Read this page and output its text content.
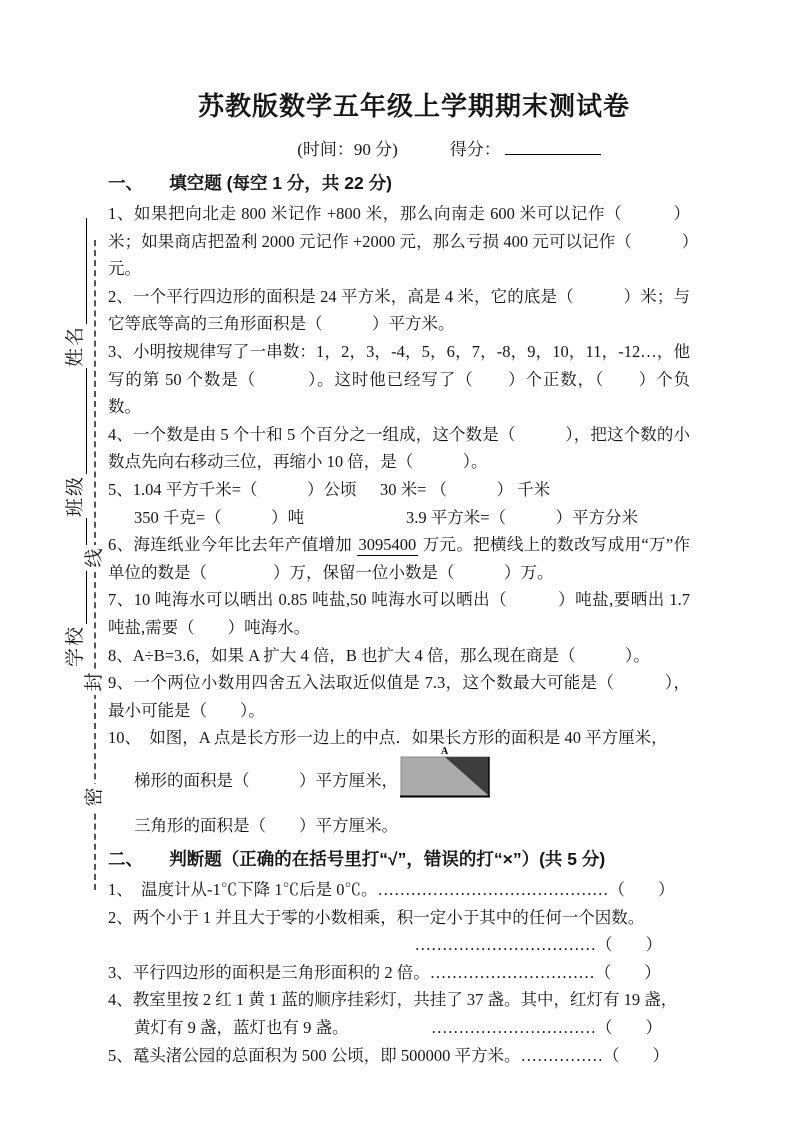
学校
班级
姓名
线
封
密
苏教版数学五年级上学期期末测试卷
(时间：90 分)	得分：
一、　　填空题 (每空 1 分，共 22 分)

1、如果把向北走 800 米记作 +800 米，那么向南走 600 米可以记作（　　　）米；如果商店把盈利 2000 元记作 +2000 元，那么亏损 400 元可以记作（　　　）元。

2、一个平行四边形的面积是 24 平方米，高是 4 米，它的底是（　　　）米；与它等底等高的三角形面积是（　　　）平方米。

3、小明按规律写了一串数：1，2，3，-4，5，6，7，-8，9，10，11，-12…，他写的第 50 个数是（　　　）。这时他已经写了（　　）个正数，（　　）个负数。

4、一个数是由 5 个十和 5 个百分之一组成，这个数是（　　　），把这个数的小数点先向右移动三位，再缩小 10 倍，是（　　　）。

5、1.04 平方千米=（　　　）公顷	30 米= （　　　） 千米
350 千克=（　　　）吨	3.9 平方米=（　　　）平方分米

6、海连纸业今年比去年产值增加 3095400 万元。把横线上的数改写成用“万”作单位的数是（　　　　）万，保留一位小数是（　　　）万。

7、10 吨海水可以晒出 0.85 吨盐,50 吨海水可以晒出（　　　）吨盐,要晒出 1.7 吨盐,需要（　　）吨海水。

8、A÷B=3.6，如果 A 扩大 4 倍，B 也扩大 4 倍，那么现在商是（　　　）。

9、一个两位小数用四舍五入法取近似值是 7.3，这个数最大可能是（　　　），最小可能是（　　）。

10、　如图，A 点是长方形一边上的中点．如果长方形的面积是 40 平方厘米，

梯形的面积是（　　　）平方厘米，

三角形的面积是（　　）平方厘米。

A
二、　　判断题（正确的在括号里打“√”，错误的打“×”）(共 5 分)

1、　温度计从-1℃下降 1℃后是 0℃。……………………………………（　　）

2、两个小于 1 并且大于零的小数相乘，积一定小于其中的任何一个因数。

……………………………（　　）

3、平行四边形的面积是三角形面积的 2 倍。…………………………（　　）

4、教室里按 2 红 1 黄 1 蓝的顺序挂彩灯，共挂了 37 盏。其中，红灯有 19 盏，

黄灯有 9 盏，蓝灯也有 9 盏。	…………………………（　　）

5、鼋头渚公园的总面积为 500 公顷，即 500000 平方米。……………（　　）
